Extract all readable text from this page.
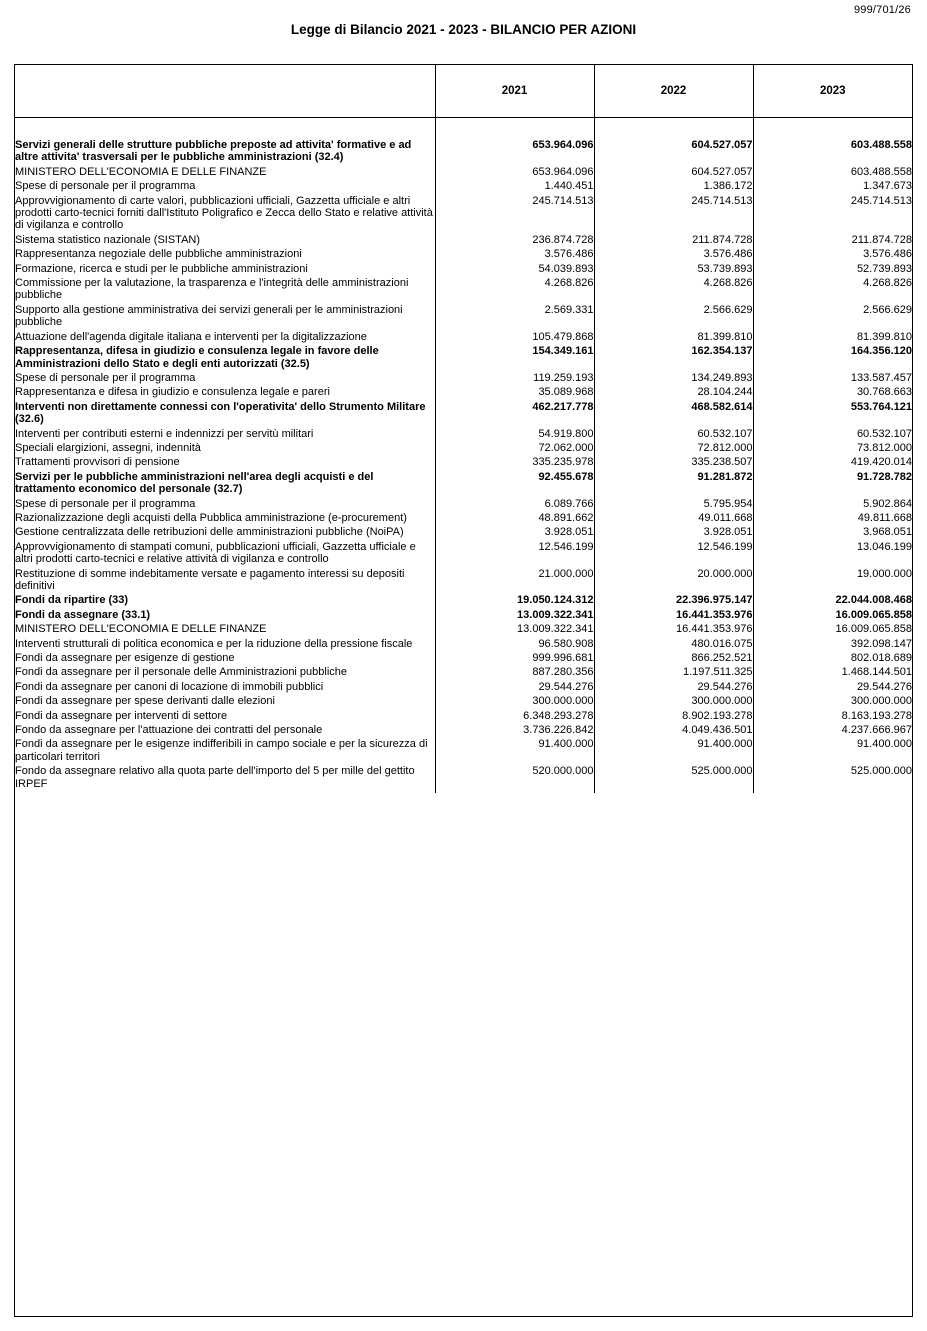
999/701/26
Legge di Bilancio 2021 - 2023 - BILANCIO PER AZIONI
	2021	2022	2023

Servizi generali delle strutture pubbliche preposte ad attivita' formative e ad altre attivita' trasversali per le pubbliche amministrazioni (32.4)	653.964.096	604.527.057	603.488.558
MINISTERO DELL'ECONOMIA E DELLE FINANZE	653.964.096	604.527.057	603.488.558
Spese di personale per il programma	1.440.451	1.386.172	1.347.673
Approvvigionamento di carte valori, pubblicazioni ufficiali, Gazzetta ufficiale e altri prodotti carto-tecnici forniti dall'Istituto Poligrafico e Zecca dello Stato e relative attività di vigilanza e controllo	245.714.513	245.714.513	245.714.513
Sistema statistico nazionale (SISTAN)	236.874.728	211.874.728	211.874.728
Rappresentanza negoziale delle pubbliche amministrazioni	3.576.486	3.576.486	3.576.486
Formazione, ricerca e studi per le pubbliche amministrazioni	54.039.893	53.739.893	52.739.893
Commissione per la valutazione, la trasparenza e l'integrità delle amministrazioni pubbliche	4.268.826	4.268.826	4.268.826
Supporto alla gestione amministrativa dei servizi generali per le amministrazioni pubbliche	2.569.331	2.566.629	2.566.629
Attuazione dell'agenda digitale italiana e interventi per la digitalizzazione	105.479.868	81.399.810	81.399.810
Rappresentanza, difesa in giudizio e consulenza legale in favore delle Amministrazioni dello Stato e degli enti autorizzati (32.5)	154.349.161	162.354.137	164.356.120
Spese di personale per il programma	119.259.193	134.249.893	133.587.457
Rappresentanza e difesa in giudizio e consulenza legale e pareri	35.089.968	28.104.244	30.768.663
Interventi non direttamente connessi con l'operativita' dello Strumento Militare (32.6)	462.217.778	468.582.614	553.764.121
Interventi per contributi esterni e indennizzi per servitù militari	54.919.800	60.532.107	60.532.107
Speciali elargizioni, assegni, indennità	72.062.000	72.812.000	73.812.000
Trattamenti provvisori di pensione	335.235.978	335.238.507	419.420.014
Servizi per le pubbliche amministrazioni nell'area degli acquisti e del trattamento economico del personale (32.7)	92.455.678	91.281.872	91.728.782
Spese di personale per il programma	6.089.766	5.795.954	5.902.864
Razionalizzazione degli acquisti della Pubblica amministrazione (e-procurement)	48.891.662	49.011.668	49.811.668
Gestione centralizzata delle retribuzioni delle amministrazioni pubbliche (NoiPA)	3.928.051	3.928.051	3.968.051
Approvvigionamento di stampati comuni, pubblicazioni ufficiali, Gazzetta ufficiale e altri prodotti carto-tecnici e relative attività di vigilanza e controllo	12.546.199	12.546.199	13.046.199
Restituzione di somme indebitamente versate e pagamento interessi su depositi definitivi	21.000.000	20.000.000	19.000.000
Fondi da ripartire (33)	19.050.124.312	22.396.975.147	22.044.008.468
Fondi da assegnare (33.1)	13.009.322.341	16.441.353.976	16.009.065.858
MINISTERO DELL'ECONOMIA E DELLE FINANZE	13.009.322.341	16.441.353.976	16.009.065.858
Interventi strutturali di politica economica e per la riduzione della pressione fiscale	96.580.908	480.016.075	392.098.147
Fondi da assegnare per esigenze di gestione	999.996.681	866.252.521	802.018.689
Fondi da assegnare per il personale delle Amministrazioni pubbliche	887.280.356	1.197.511.325	1.468.144.501
Fondi da assegnare per canoni di locazione di immobili pubblici	29.544.276	29.544.276	29.544.276
Fondi da assegnare per spese derivanti dalle elezioni	300.000.000	300.000.000	300.000.000
Fondi da assegnare per interventi di settore	6.348.293.278	8.902.193.278	8.163.193.278
Fondo da assegnare per l'attuazione dei contratti del personale	3.736.226.842	4.049.436.501	4.237.666.967
Fondi da assegnare per le esigenze indifferibili in campo sociale e per la sicurezza di particolari territori	91.400.000	91.400.000	91.400.000
Fondo da assegnare relativo alla quota parte dell'importo del 5 per mille del gettito IRPEF	520.000.000	525.000.000	525.000.000
